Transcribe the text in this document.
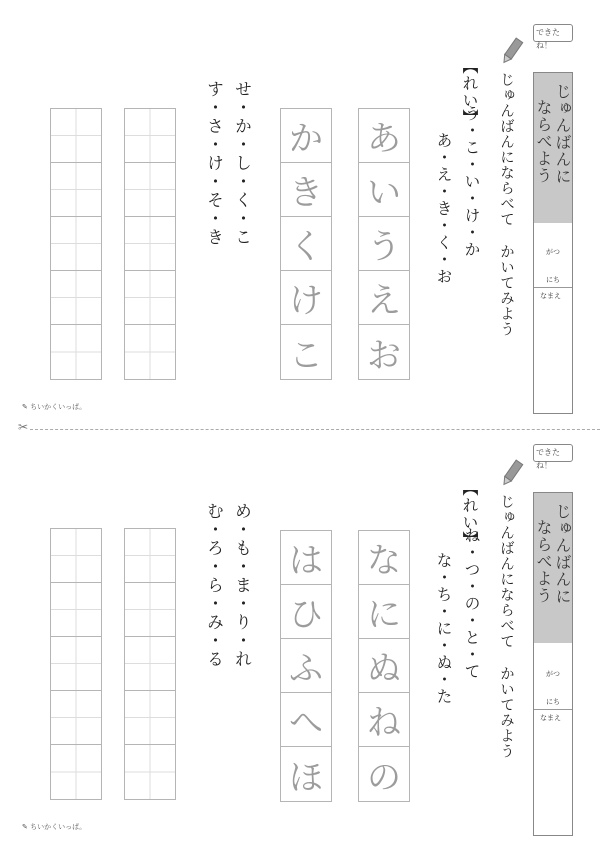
できたね！
じゅんばんに
ならべよう
がつ
にち
なまえ
じゅんばんにならべて かいてみよう
【れい】
う・こ・い・け・か
あ・え・き・く・お
あ
い
う
え
お
か
き
く
け
こ
せ・か・し・く・こ
す・さ・け・そ・き
✎ ちいかくいっぱ。
✂
できたね！
じゅんばんに
ならべよう
がつ
にち
なまえ
じゅんばんにならべて かいてみよう
【れい】
ね・つ・の・と・て
な・ち・に・ぬ・た
な
に
ぬ
ね
の
は
ひ
ふ
へ
ほ
め・も・ま・り・れ
む・ろ・ら・み・る
✎ ちいかくいっぱ。
